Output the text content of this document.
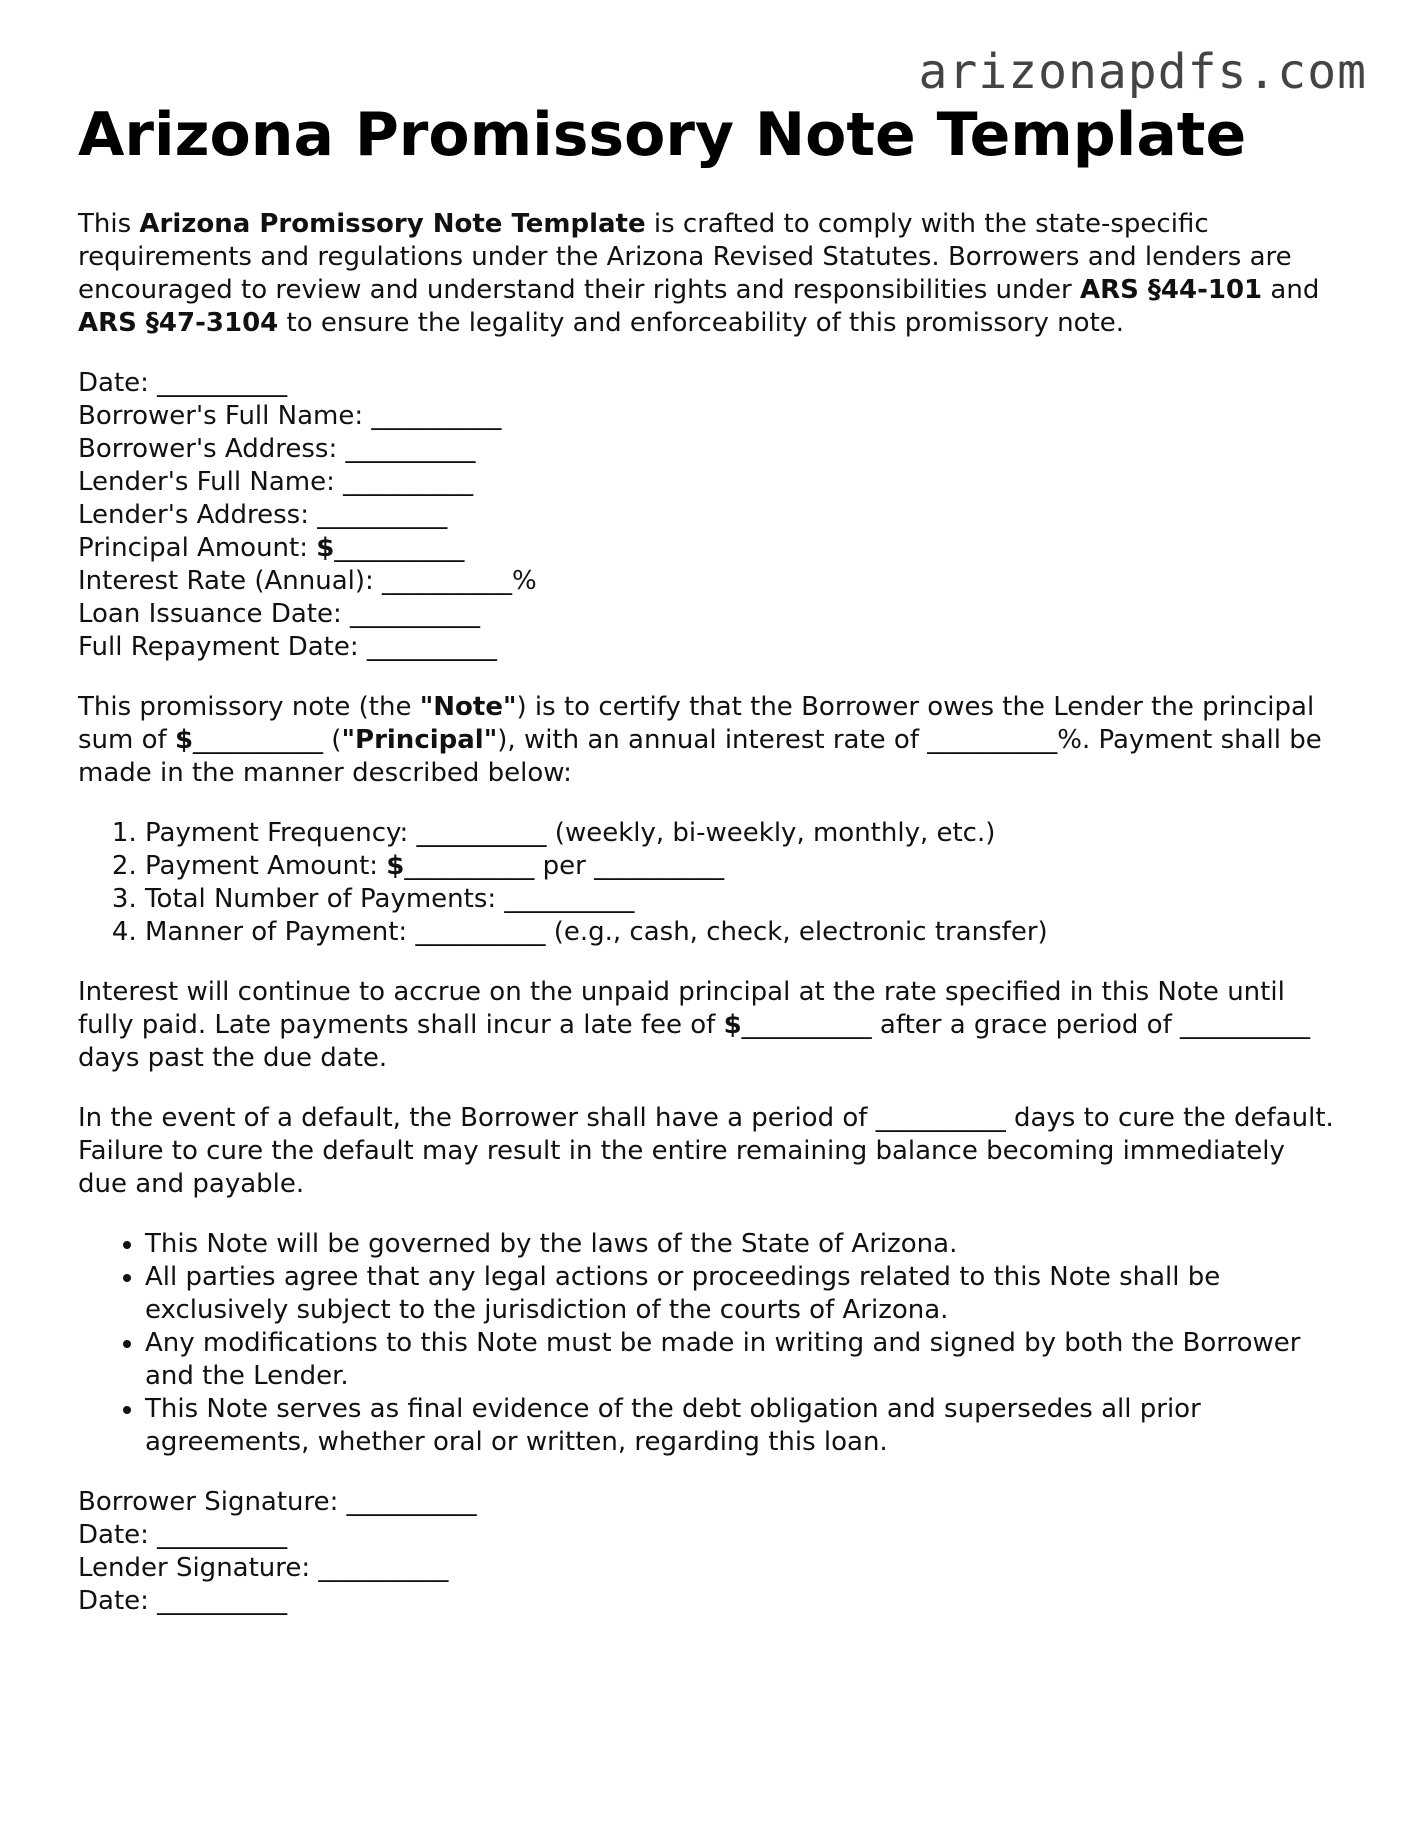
arizonapdfs.com
Arizona Promissory Note Template

This Arizona Promissory Note Template is crafted to comply with the state-specific requirements and regulations under the Arizona Revised Statutes. Borrowers and lenders are encouraged to review and understand their rights and responsibilities under ARS §44-101 and ARS §47-3104 to ensure the legality and enforceability of this promissory note.

Date: __________
Borrower's Full Name: __________
Borrower's Address: __________
Lender's Full Name: __________
Lender's Address: __________
Principal Amount: $__________
Interest Rate (Annual): __________%
Loan Issuance Date: __________
Full Repayment Date: __________

This promissory note (the "Note") is to certify that the Borrower owes the Lender the principal sum of $__________ ("Principal"), with an annual interest rate of __________%. Payment shall be made in the manner described below:

1. Payment Frequency: __________ (weekly, bi-weekly, monthly, etc.)
2. Payment Amount: $__________ per __________
3. Total Number of Payments: __________
4. Manner of Payment: __________ (e.g., cash, check, electronic transfer)

Interest will continue to accrue on the unpaid principal at the rate specified in this Note until fully paid. Late payments shall incur a late fee of $__________ after a grace period of __________ days past the due date.

In the event of a default, the Borrower shall have a period of __________ days to cure the default. Failure to cure the default may result in the entire remaining balance becoming immediately due and payable.

• This Note will be governed by the laws of the State of Arizona.
• All parties agree that any legal actions or proceedings related to this Note shall be exclusively subject to the jurisdiction of the courts of Arizona.
• Any modifications to this Note must be made in writing and signed by both the Borrower and the Lender.
• This Note serves as final evidence of the debt obligation and supersedes all prior agreements, whether oral or written, regarding this loan.
Borrower Signature: __________
Date: __________
Lender Signature: __________
Date: __________
